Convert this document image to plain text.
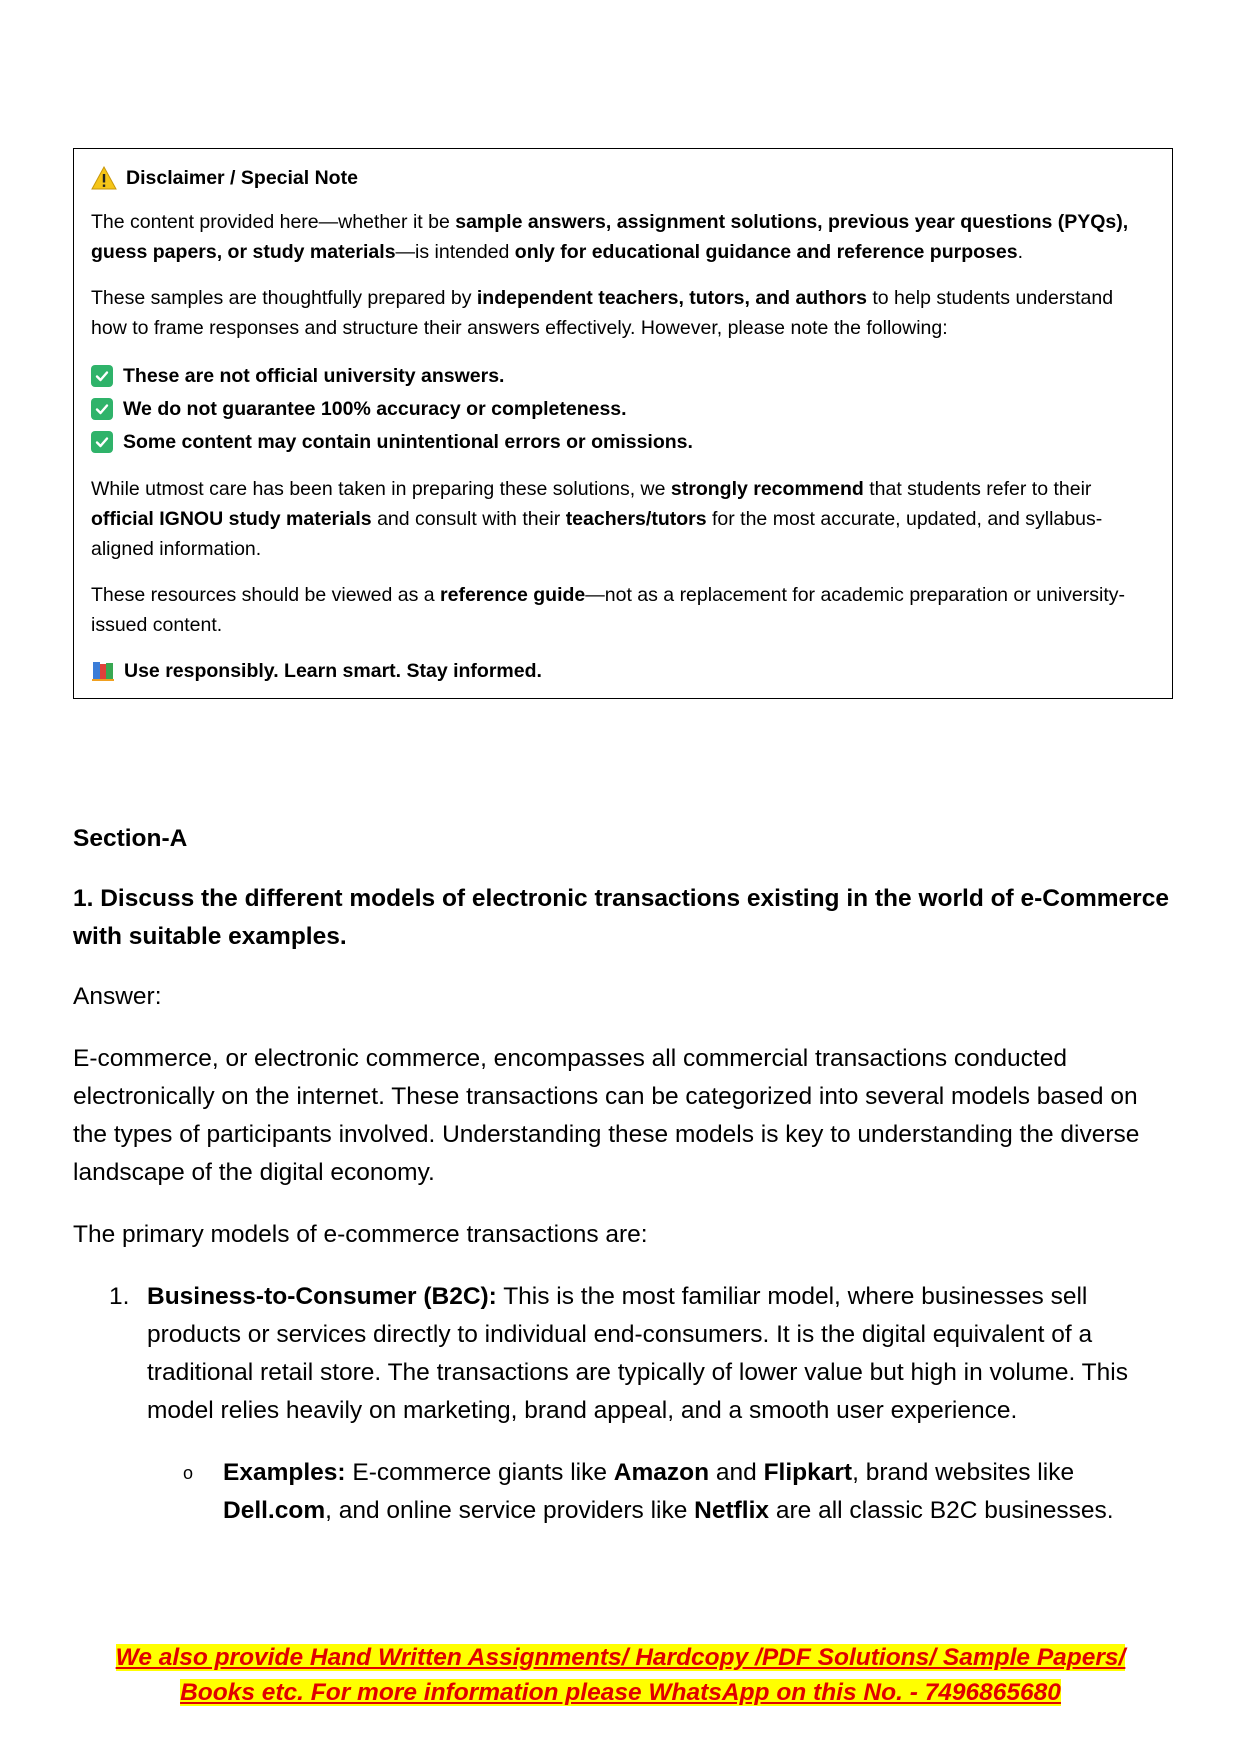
Disclaimer / Special Note

The content provided here—whether it be sample answers, assignment solutions, previous year questions (PYQs), guess papers, or study materials—is intended only for educational guidance and reference purposes.

These samples are thoughtfully prepared by independent teachers, tutors, and authors to help students understand how to frame responses and structure their answers effectively. However, please note the following:

These are not official university answers.
We do not guarantee 100% accuracy or completeness.
Some content may contain unintentional errors or omissions.

While utmost care has been taken in preparing these solutions, we strongly recommend that students refer to their official IGNOU study materials and consult with their teachers/tutors for the most accurate, updated, and syllabus-aligned information.

These resources should be viewed as a reference guide—not as a replacement for academic preparation or university-issued content.

Use responsibly. Learn smart. Stay informed.
Section-A
1. Discuss the different models of electronic transactions existing in the world of e-Commerce with suitable examples.

Answer:

E-commerce, or electronic commerce, encompasses all commercial transactions conducted electronically on the internet. These transactions can be categorized into several models based on the types of participants involved. Understanding these models is key to understanding the diverse landscape of the digital economy.

The primary models of e-commerce transactions are:

1. Business-to-Consumer (B2C): This is the most familiar model, where businesses sell products or services directly to individual end-consumers. It is the digital equivalent of a traditional retail store. The transactions are typically of lower value but high in volume. This model relies heavily on marketing, brand appeal, and a smooth user experience.
o	Examples: E-commerce giants like Amazon and Flipkart, brand websites like Dell.com, and online service providers like Netflix are all classic B2C businesses.
We also provide Hand Written Assignments/ Hardcopy /PDF Solutions/ Sample Papers/
Books etc. For more information please WhatsApp on this No. - 7496865680
